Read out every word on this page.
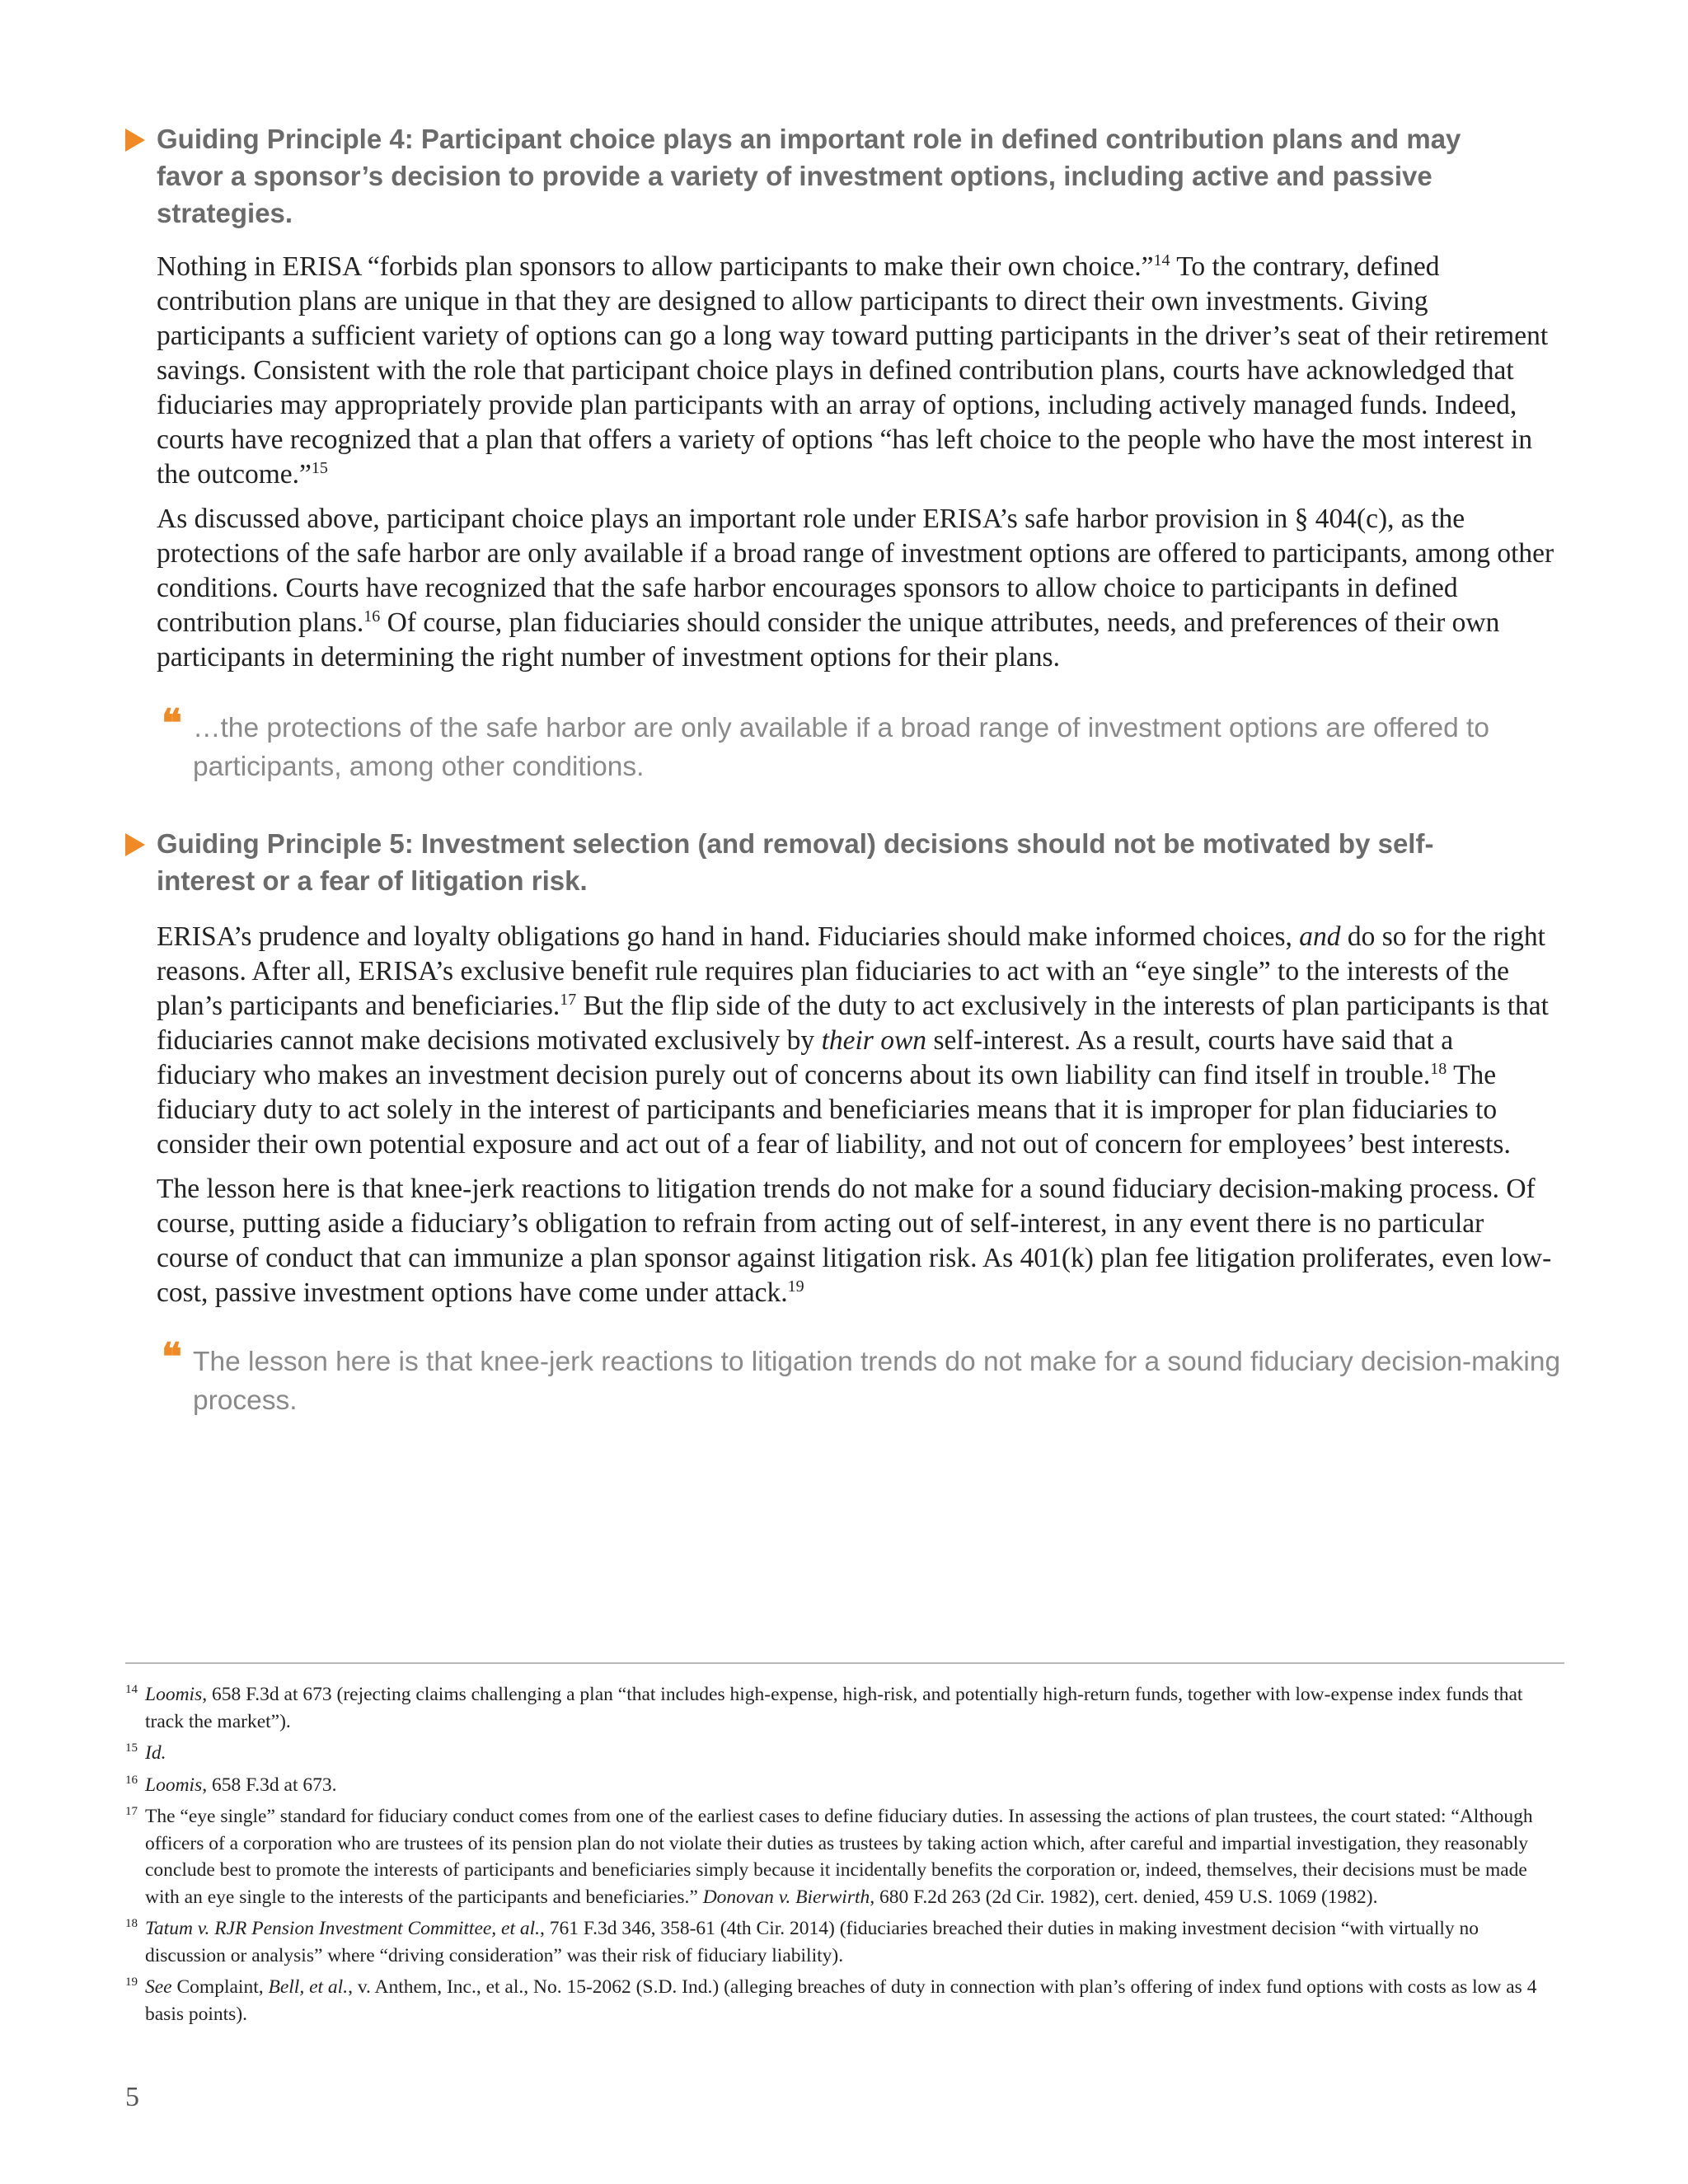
Guiding Principle 4: Participant choice plays an important role in defined contribution plans and may favor a sponsor’s decision to provide a variety of investment options, including active and passive strategies.

Nothing in ERISA “forbids plan sponsors to allow participants to make their own choice.”$^{14}$ To the contrary, defined contribution plans are unique in that they are designed to allow participants to direct their own investments. Giving participants a sufficient variety of options can go a long way toward putting participants in the driver’s seat of their retirement savings. Consistent with the role that participant choice plays in defined contribution plans, courts have acknowledged that fiduciaries may appropriately provide plan participants with an array of options, including actively managed funds. Indeed, courts have recognized that a plan that offers a variety of options “has left choice to the people who have the most interest in the outcome.”$^{15}$

As discussed above, participant choice plays an important role under ERISA’s safe harbor provision in § 404(c), as the protections of the safe harbor are only available if a broad range of investment options are offered to participants, among other conditions. Courts have recognized that the safe harbor encourages sponsors to allow choice to participants in defined contribution plans.$^{16}$ Of course, plan fiduciaries should consider the unique attributes, needs, and preferences of their own participants in determining the right number of investment options for their plans.

❝ …the protections of the safe harbor are only available if a broad range of investment options are offered to participants, among other conditions.
Guiding Principle 5: Investment selection (and removal) decisions should not be motivated by self-interest or a fear of litigation risk.

ERISA’s prudence and loyalty obligations go hand in hand. Fiduciaries should make informed choices, and do so for the right reasons. After all, ERISA’s exclusive benefit rule requires plan fiduciaries to act with an “eye single” to the interests of the plan’s participants and beneficiaries.$^{17}$ But the flip side of the duty to act exclusively in the interests of plan participants is that fiduciaries cannot make decisions motivated exclusively by their own self-interest. As a result, courts have said that a fiduciary who makes an investment decision purely out of concerns about its own liability can find itself in trouble.$^{18}$ The fiduciary duty to act solely in the interest of participants and beneficiaries means that it is improper for plan fiduciaries to consider their own potential exposure and act out of a fear of liability, and not out of concern for employees’ best interests.

The lesson here is that knee-jerk reactions to litigation trends do not make for a sound fiduciary decision-making process. Of course, putting aside a fiduciary’s obligation to refrain from acting out of self-interest, in any event there is no particular course of conduct that can immunize a plan sponsor against litigation risk. As 401(k) plan fee litigation proliferates, even low-cost, passive investment options have come under attack.$^{19}$

❝ The lesson here is that knee-jerk reactions to litigation trends do not make for a sound fiduciary decision-making process.
14 Loomis, 658 F.3d at 673 (rejecting claims challenging a plan “that includes high-expense, high-risk, and potentially high-return funds, together with low-expense index funds that track the market”).
15 Id.
16 Loomis, 658 F.3d at 673.
17 The “eye single” standard for fiduciary conduct comes from one of the earliest cases to define fiduciary duties. In assessing the actions of plan trustees, the court stated: “Although officers of a corporation who are trustees of its pension plan do not violate their duties as trustees by taking action which, after careful and impartial investigation, they reasonably conclude best to promote the interests of participants and beneficiaries simply because it incidentally benefits the corporation or, indeed, themselves, their decisions must be made with an eye single to the interests of the participants and beneficiaries.” Donovan v. Bierwirth, 680 F.2d 263 (2d Cir. 1982), cert. denied, 459 U.S. 1069 (1982).
18 Tatum v. RJR Pension Investment Committee, et al., 761 F.3d 346, 358-61 (4th Cir. 2014) (fiduciaries breached their duties in making investment decision “with virtually no discussion or analysis” where “driving consideration” was their risk of fiduciary liability).
19 See Complaint, Bell, et al., v. Anthem, Inc., et al., No. 15-2062 (S.D. Ind.) (alleging breaches of duty in connection with plan’s offering of index fund options with costs as low as 4 basis points).
5
